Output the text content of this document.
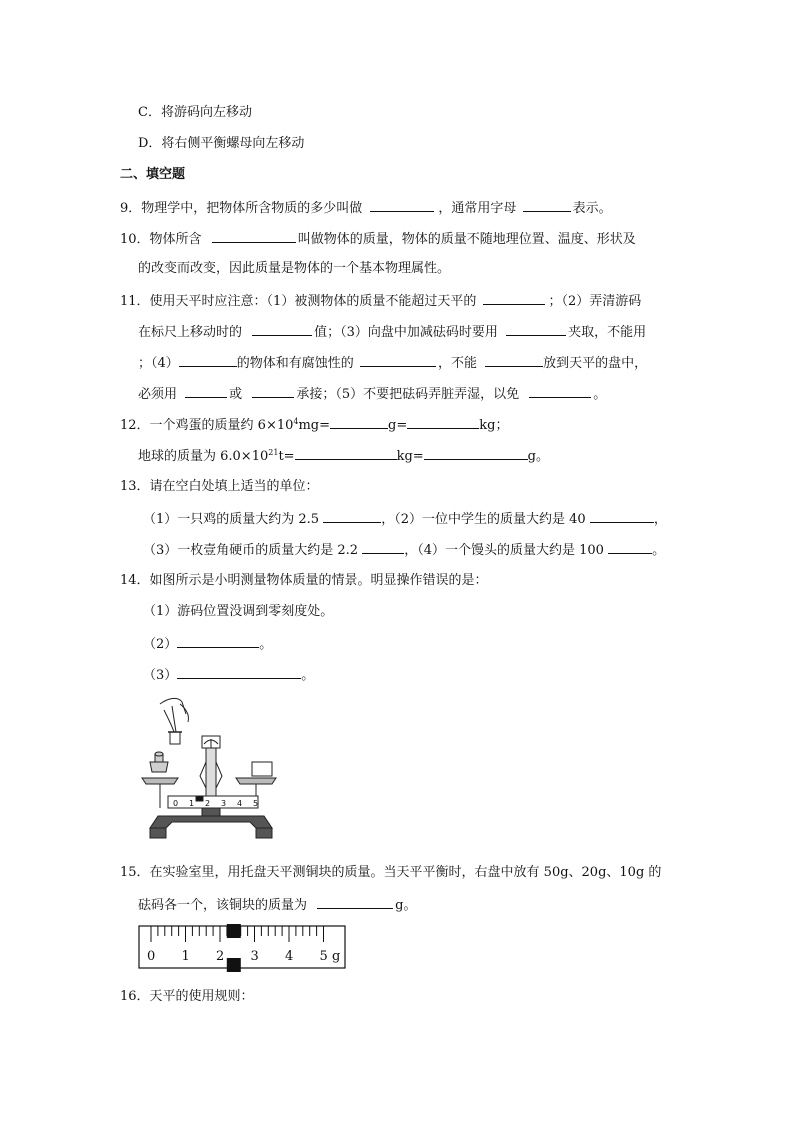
C．将游码向左移动
D．将右侧平衡螺母向左移动
二、填空题
9．物理学中，把物体所含物质的多少叫做	，通常用字母	表示。
10．物体所含	叫做物体的质量，物体的质量不随地理位置、温度、形状及
的改变而改变，因此质量是物体的一个基本物理属性。
11．使用天平时应注意：（1）被测物体的质量不能超过天平的	；（2）弄清游码
在标尺上移动时的	值；（3）向盘中加减砝码时要用	夹取，不能用
；（4）	的物体和有腐蚀性的	，不能	放到天平的盘中，
必须用	或	承接；（5）不要把砝码弄脏弄湿，以免	。
12．一个鸡蛋的质量约 $6\times 10^4mg=$	g=	kg；
地球的质量为 $6.0\times 10^{21}t=$	kg=	g。
13．请在空白处填上适当的单位：
（1）一只鸡的质量大约为 2.5	，（2）一位中学生的质量大约是 40	，
（3）一枚壹角硬币的质量大约是 2.2	，（4）一个馒头的质量大约是 100	。
14．如图所示是小明测量物体质量的情景。明显操作错误的是：
（1）游码位置没调到零刻度处。
（2）	。
（3）	。
0 1 2 3 4 5
15．在实验室里，用托盘天平测铜块的质量。当天平平衡时，右盘中放有 50g、20g、10g 的
砝码各一个，该铜块的质量为	g。
0 1 2 3 4 5 g
16．天平的使用规则：
